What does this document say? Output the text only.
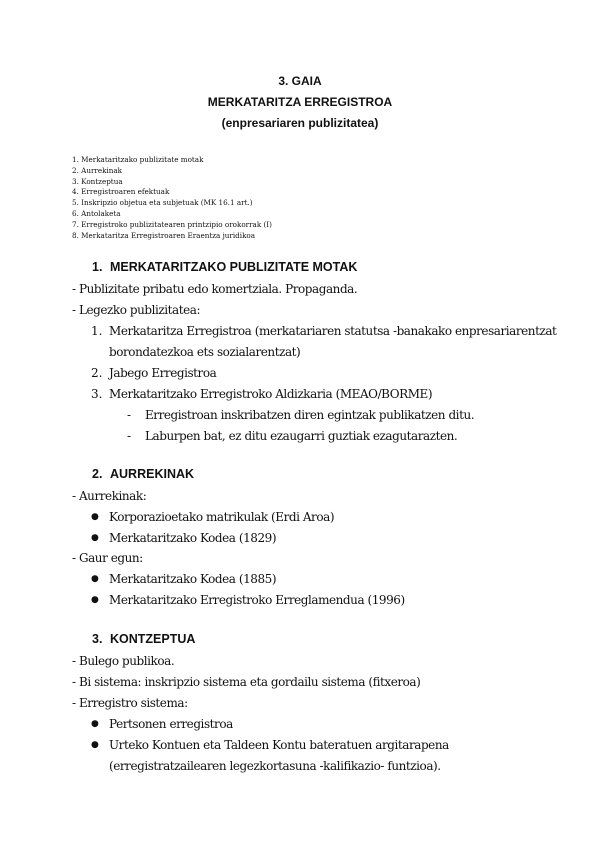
3. GAIA
MERKATARITZA ERREGISTROA
(enpresariaren publizitatea)
1. Merkataritzako publizitate motak
2. Aurrekinak
3. Kontzeptua
4. Erregistroaren efektuak
5. Inskripzio objetua eta subjetuak (MK 16.1 art.)
6. Antolaketa
7. Erregistroko publizitatearen printzipio orokorrak (I)
8. Merkataritza Erregistroaren Eraentza juridikoa
1. MERKATARITZAKO PUBLIZITATE MOTAK
- Publizitate pribatu edo komertziala. Propaganda.
- Legezko publizitatea:
1. Merkataritza Erregistroa (merkatariaren statutsa -banakako enpresariarentzat
borondatezkoa ets sozialarentzat)
2. Jabego Erregistroa
3. Merkataritzako Erregistroko Aldizkaria (MEAO/BORME)
- Erregistroan inskribatzen diren egintzak publikatzen ditu.
- Laburpen bat, ez ditu ezaugarri guztiak ezagutarazten.
2. AURREKINAK
- Aurrekinak:
● Korporazioetako matrikulak (Erdi Aroa)
● Merkataritzako Kodea (1829)
- Gaur egun:
● Merkataritzako Kodea (1885)
● Merkataritzako Erregistroko Erreglamendua (1996)
3. KONTZEPTUA
- Bulego publikoa.
- Bi sistema: inskripzio sistema eta gordailu sistema (fitxeroa)
- Erregistro sistema:
● Pertsonen erregistroa
● Urteko Kontuen eta Taldeen Kontu bateratuen argitarapena
(erregistratzailearen legezkortasuna -kalifikazio- funtzioa).
